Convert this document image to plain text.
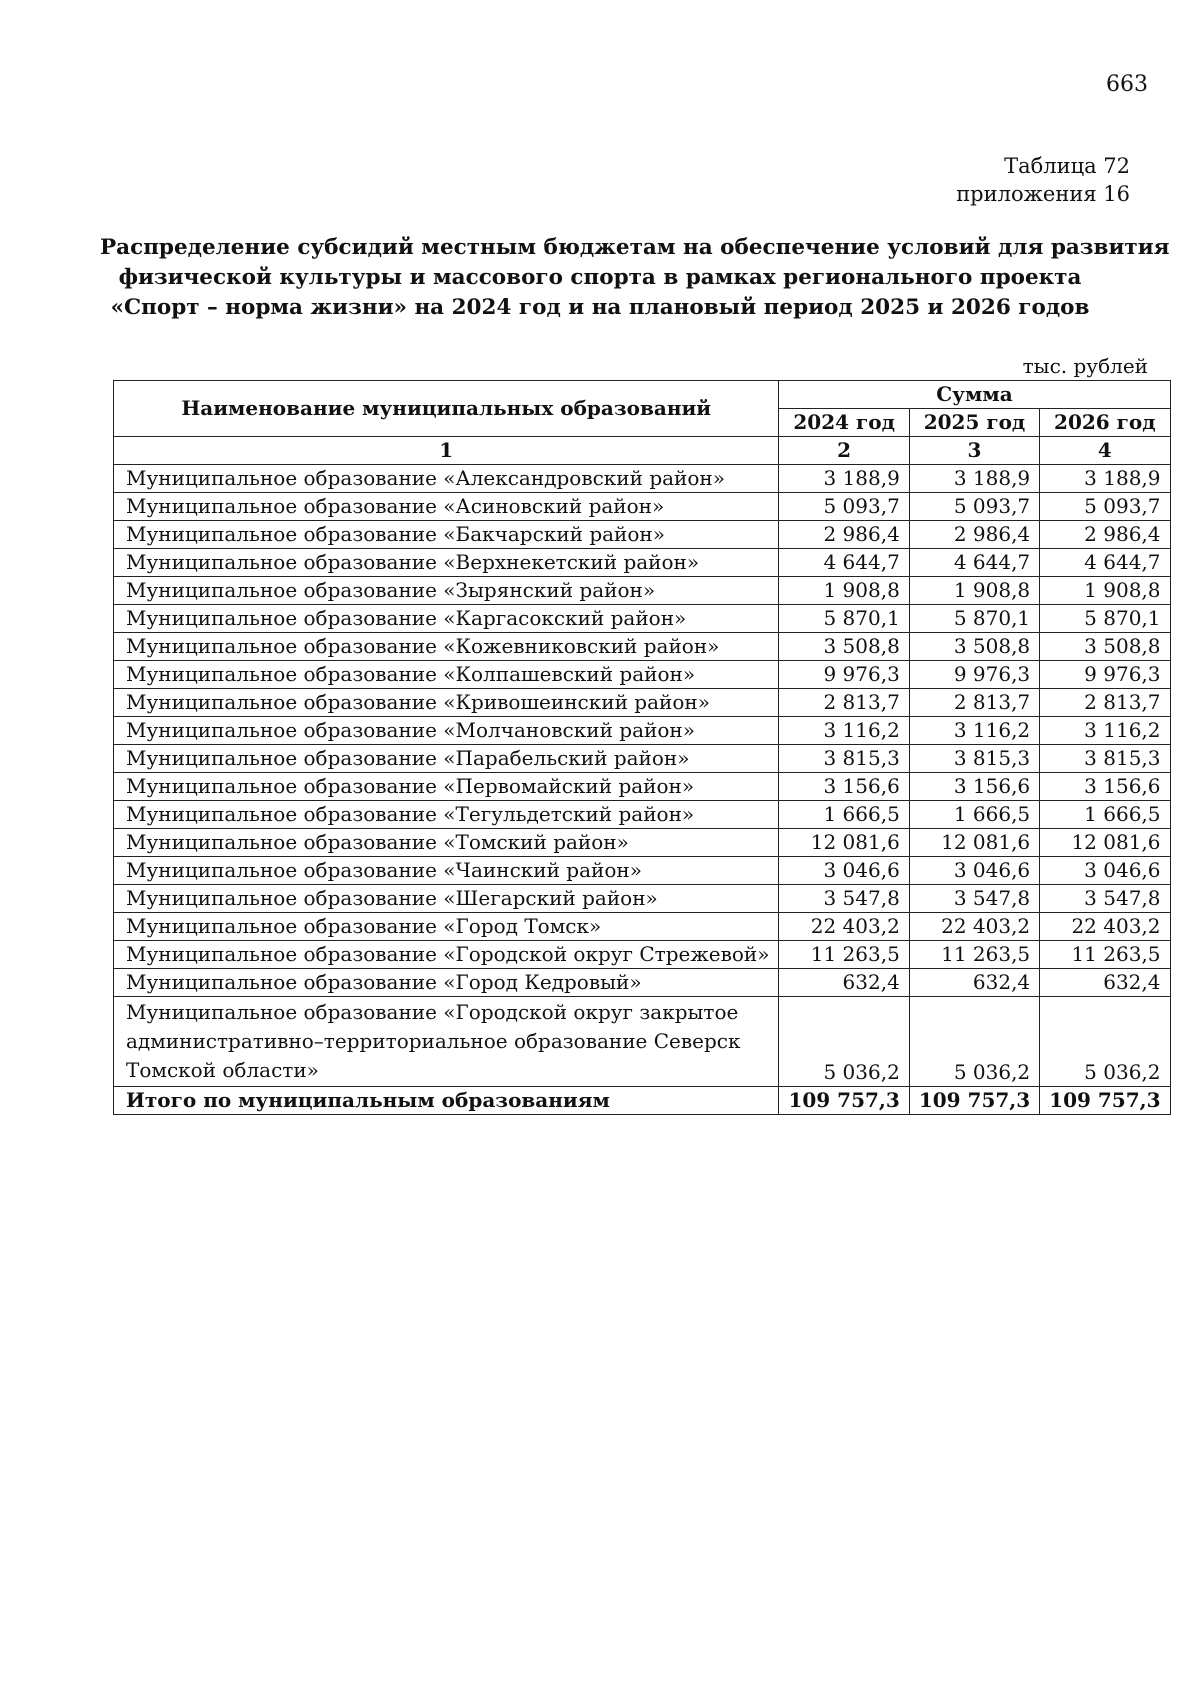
663
Таблица 72
приложения 16
Распределение субсидий местным бюджетам на обеспечение условий для развития
физической культуры и массового спорта в рамках регионального проекта
«Спорт – норма жизни» на 2024 год и на плановый период 2025 и 2026 годов
тыс. рублей
Наименование муниципальных образований	Сумма		
	2024 год	2025 год	2026 год
1	2	3	4
Муниципальное образование «Александровский район»	3 188,9	3 188,9	3 188,9
Муниципальное образование «Асиновский район»	5 093,7	5 093,7	5 093,7
Муниципальное образование «Бакчарский район»	2 986,4	2 986,4	2 986,4
Муниципальное образование «Верхнекетский район»	4 644,7	4 644,7	4 644,7
Муниципальное образование «Зырянский район»	1 908,8	1 908,8	1 908,8
Муниципальное образование «Каргасокский район»	5 870,1	5 870,1	5 870,1
Муниципальное образование «Кожевниковский район»	3 508,8	3 508,8	3 508,8
Муниципальное образование «Колпашевский район»	9 976,3	9 976,3	9 976,3
Муниципальное образование «Кривошеинский район»	2 813,7	2 813,7	2 813,7
Муниципальное образование «Молчановский район»	3 116,2	3 116,2	3 116,2
Муниципальное образование «Парабельский район»	3 815,3	3 815,3	3 815,3
Муниципальное образование «Первомайский район»	3 156,6	3 156,6	3 156,6
Муниципальное образование «Тегульдетский район»	1 666,5	1 666,5	1 666,5
Муниципальное образование «Томский район»	12 081,6	12 081,6	12 081,6
Муниципальное образование «Чаинский район»	3 046,6	3 046,6	3 046,6
Муниципальное образование «Шегарский район»	3 547,8	3 547,8	3 547,8
Муниципальное образование «Город Томск»	22 403,2	22 403,2	22 403,2
Муниципальное образование «Городской округ Стрежевой»	11 263,5	11 263,5	11 263,5
Муниципальное образование «Город Кедровый»	632,4	632,4	632,4
Муниципальное образование «Городской округ закрытое административно–территориальное образование Северск Томской области»	5 036,2	5 036,2	5 036,2
Итого по муниципальным образованиям	109 757,3	109 757,3	109 757,3
